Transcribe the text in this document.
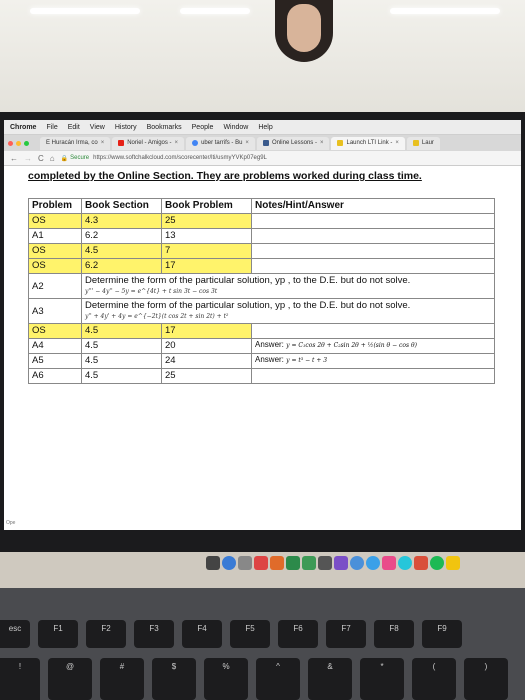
Chrome File Edit View History Bookmarks People Window Help
E Huracán Irma, co ×	Noriel - Amigos - ×	uber tarrifs - Bu ×	Online Lessons - ×	Launch LTI Link - ×	Laur
← → C ⌂ 🔒 Secure https://www.softchalkcloud.com/scorecenter/lti/usmyYVKp07eg9L
completed by the Online Section. They are problems worked during class time.
Problem	Book Section	Book Problem	Notes/Hint/Answer
OS	4.3	25	
A1	6.2	13	
OS	4.5	7	
OS	6.2	17	
A2	Determine the form of the particular solution, yp , to the D.E. but do not solve.
y''' − 4y'' − 5y = e^{4t} + t sin 3t − cos 3t		

A3	Determine the form of the particular solution, yp , to the D.E. but do not solve.
y'' + 4y' + 4y = e^{−2t}(t cos 2t + sin 2t) + t²		

OS	4.5	17	
A4	4.5	20	Answer: y = C₁cos 2θ + C₂sin 2θ + ½(sin θ − cos θ)
A5	4.5	24	Answer: y = t³ − t + 3
A6	4.5	25	
Ope
esc	F1	F2	F3	F4	F5	F6	F7	F8	F9
!	@	#	$	%	^	&	*	(	)
